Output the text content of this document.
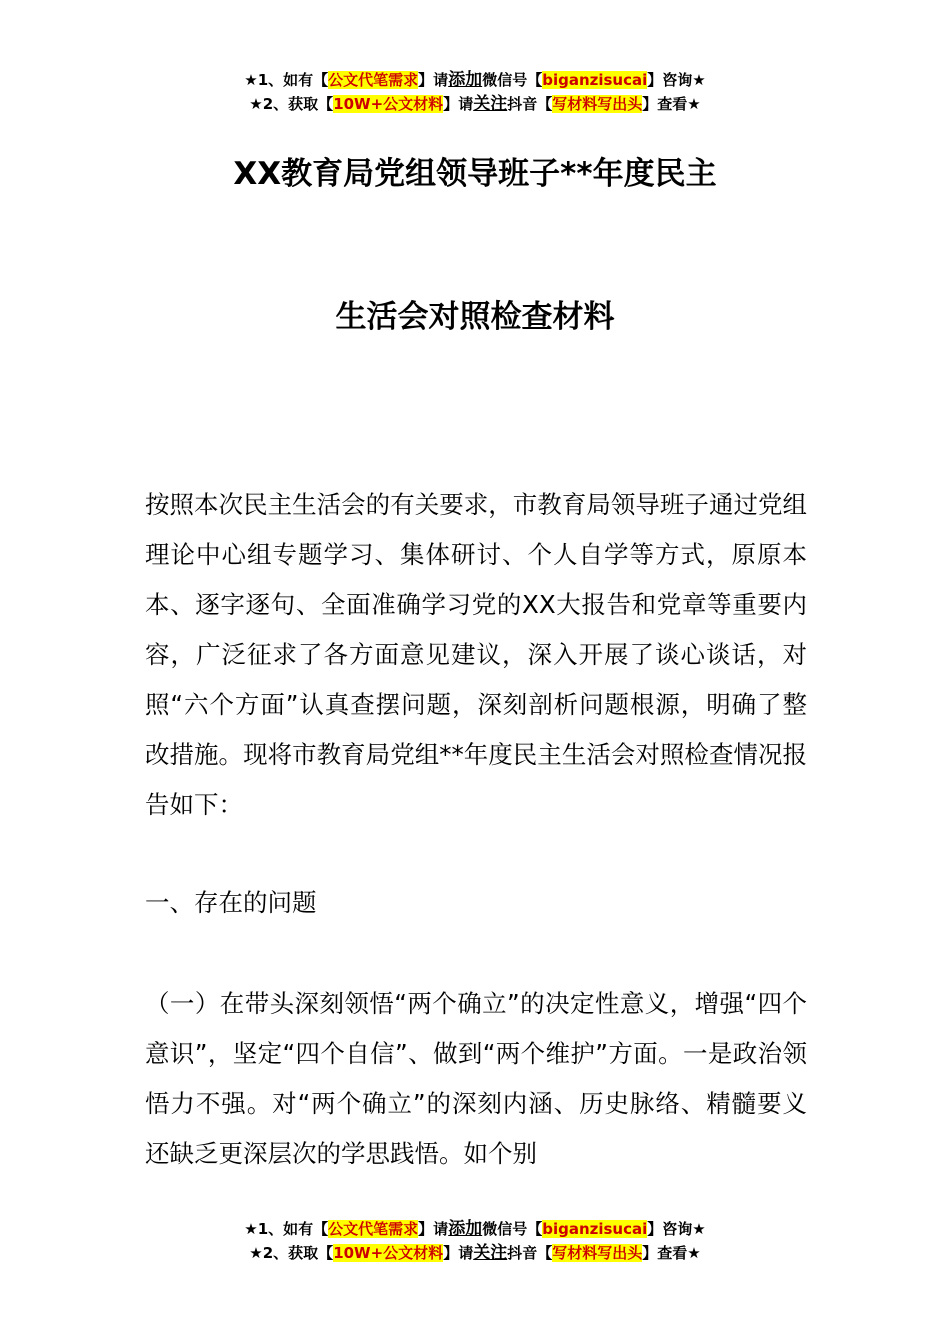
★1、如有【公文代笔需求】请添加微信号【biganzisucai】咨询★
★2、获取【10W+公文材料】请关注抖音【写材料写出头】查看★
XX教育局党组领导班子**年度民主
生活会对照检查材料
按照本次民主生活会的有关要求，市教育局领导班子通过党组理论中心组专题学习、集体研讨、个人自学等方式，原原本本、逐字逐句、全面准确学习党的XX大报告和党章等重要内容，广泛征求了各方面意见建议，深入开展了谈心谈话，对照“六个方面”认真查摆问题，深刻剖析问题根源，明确了整改措施。现将市教育局党组**年度民主生活会对照检查情况报告如下：
一、存在的问题
（一）在带头深刻领悟“两个确立”的决定性意义，增强“四个意识”，坚定“四个自信”、做到“两个维护”方面。一是政治领悟力不强。对“两个确立”的深刻内涵、历史脉络、精髓要义还缺乏更深层次的学思践悟。如个别
★1、如有【公文代笔需求】请添加微信号【biganzisucai】咨询★
★2、获取【10W+公文材料】请关注抖音【写材料写出头】查看★
